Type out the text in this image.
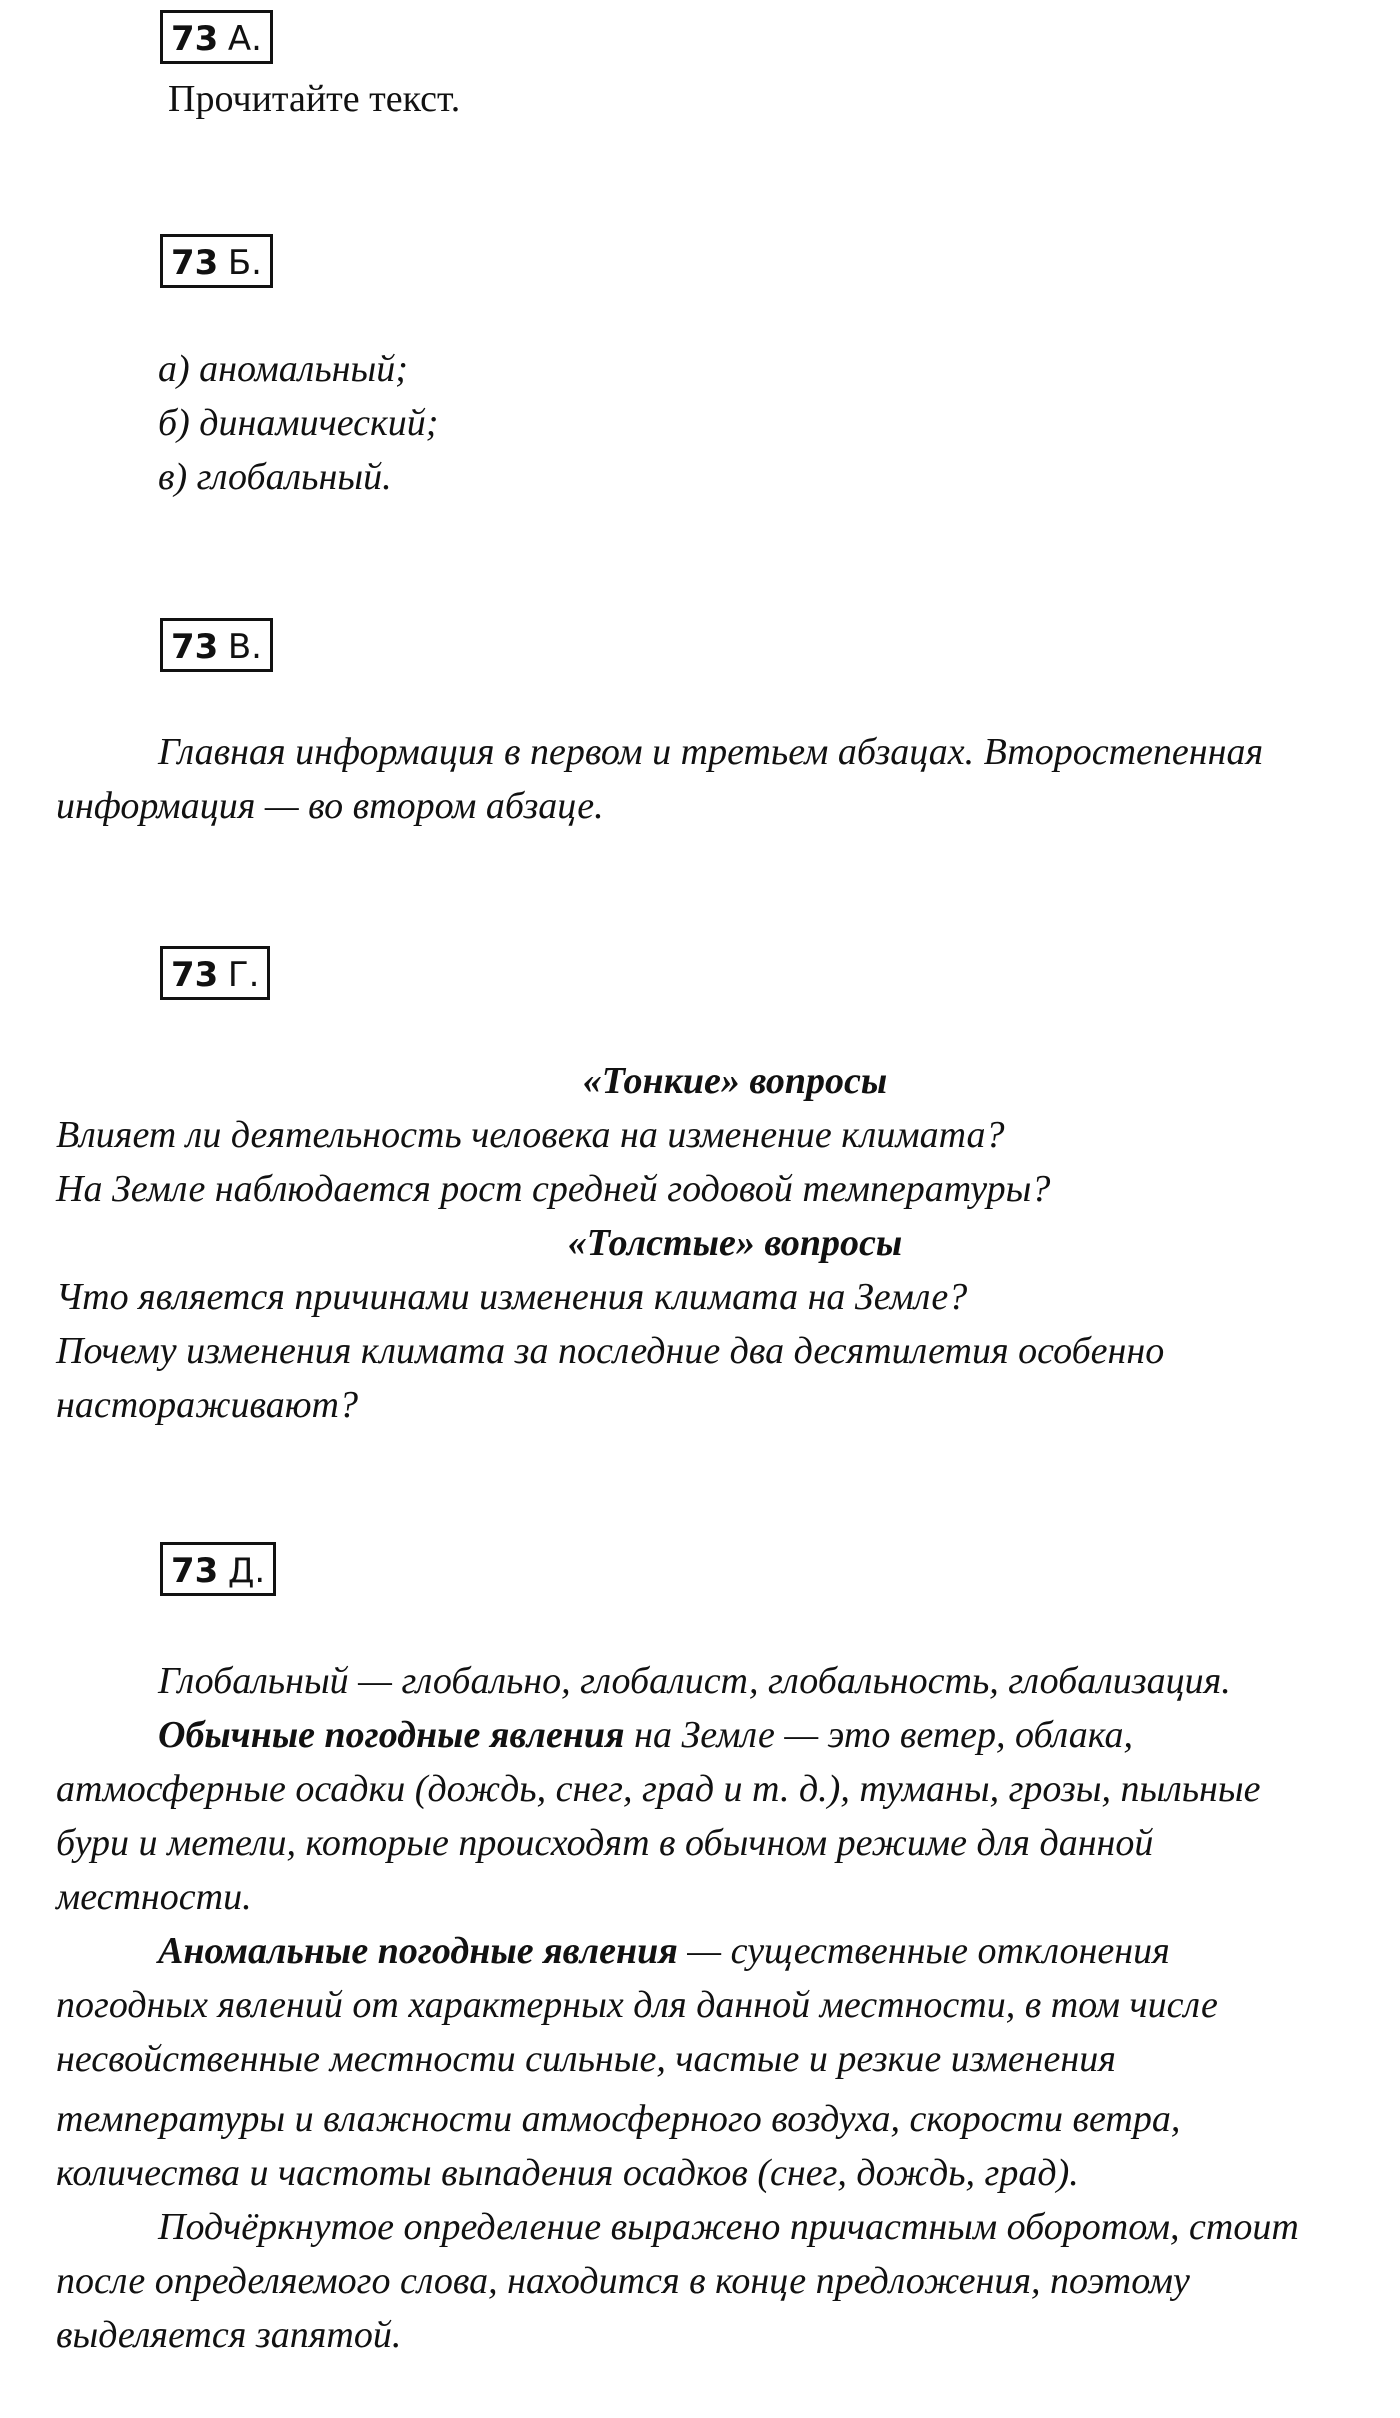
73 А.
Прочитайте текст.
73 Б.
а) аномальный;
б) динамический;
в) глобальный.
73 В.
Главная информация в первом и третьем абзацах. Второстепенная
информация — во втором абзаце.
73 Г.
«Тонкие» вопросы
Влияет ли деятельность человека на изменение климата?
На Земле наблюдается рост средней годовой температуры?
«Толстые» вопросы
Что является причинами изменения климата на Земле?
Почему изменения климата за последние два десятилетия особенно
настораживают?
73 Д.
Глобальный — глобально, глобалист, глобальность, глобализация.
Обычные погодные явления на Земле — это ветер, облака,
атмосферные осадки (дождь, снег, град и т. д.), туманы, грозы, пыльные
бури и метели, которые происходят в обычном режиме для данной
местности.
Аномальные погодные явления — существенные отклонения
погодных явлений от характерных для данной местности, в том числе
несвойственные местности сильные, частые и резкие изменения
температуры и влажности атмосферного воздуха, скорости ветра,
количества и частоты выпадения осадков (снег, дождь, град).
Подчёркнутое определение выражено причастным оборотом, стоит
после определяемого слова, находится в конце предложения, поэтому
выделяется запятой.
